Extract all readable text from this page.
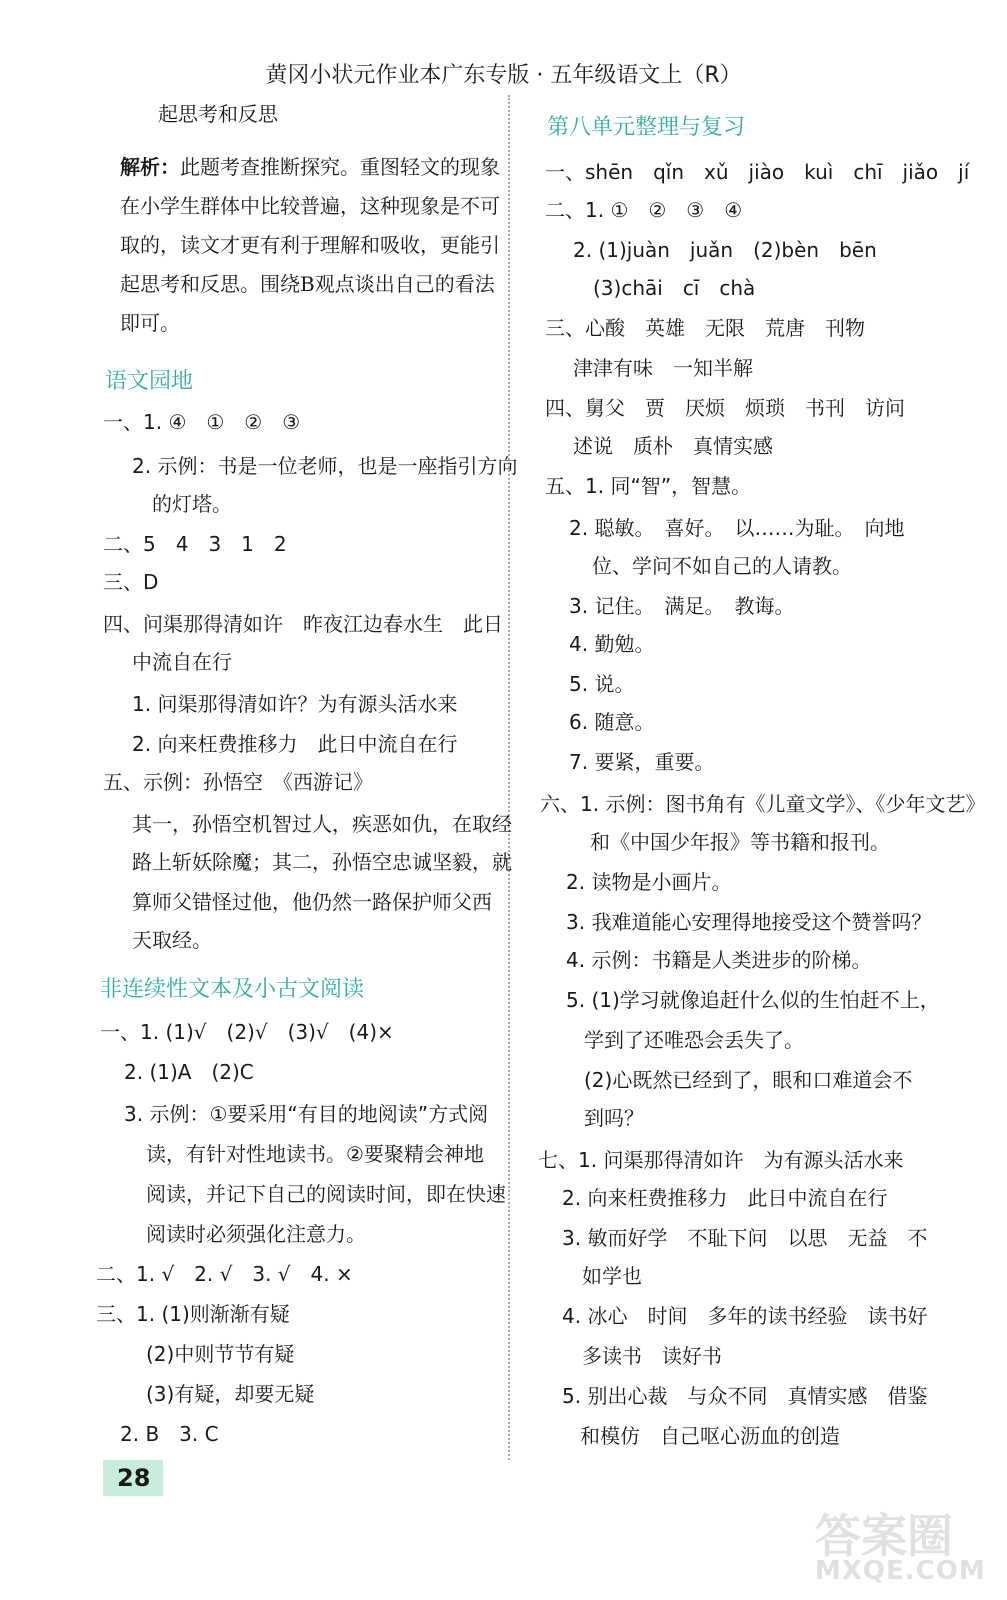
黄冈小状元作业本广东专版 · 五年级语文上（R）
起思考和反思
解析：此题考查推断探究。重图轻文的现象在小学生群体中比较普遍，这种现象是不可取的，读文才更有利于理解和吸收，更能引起思考和反思。围绕B观点谈出自己的看法即可。
语文园地
一、1. ④　①　②　③
2. 示例：书是一位老师，也是一座指引方向
的灯塔。
二、5　4　3　1　2
三、D
四、问渠那得清如许　昨夜江边春水生　此日
中流自在行
1. 问渠那得清如许？为有源头活水来
2. 向来枉费推移力　此日中流自在行
五、示例：孙悟空　《西游记》
其一，孙悟空机智过人，疾恶如仇，在取经
路上斩妖除魔；其二，孙悟空忠诚坚毅，就
算师父错怪过他，他仍然一路保护师父西
天取经。
非连续性文本及小古文阅读
一、1. (1)√　(2)√　(3)√　(4)×
2. (1)A　(2)C
3. 示例：①要采用“有目的地阅读”方式阅
读，有针对性地读书。②要聚精会神地
阅读，并记下自己的阅读时间，即在快速
阅读时必须强化注意力。
二、1. √　2. √　3. √　4. ×
三、1. (1)则渐渐有疑
(2)中则节节有疑
(3)有疑，却要无疑
2. B　3. C
第八单元整理与复习
一、shēn　qǐn　xǔ　jiào　kuì　chī　jiǎo　jí
二、1. ①　②　③　④
2. (1)juàn　juǎn　(2)bèn　bēn
(3)chāi　cī　chà
三、心酸　英雄　无限　荒唐　刊物
津津有味　一知半解
四、舅父　贾　厌烦　烦琐　书刊　访问
述说　质朴　真情实感
五、1. 同“智”，智慧。
2. 聪敏。　喜好。　以……为耻。　向地
位、学问不如自己的人请教。
3. 记住。　满足。　教诲。
4. 勤勉。
5. 说。
6. 随意。
7. 要紧，重要。
六、1. 示例：图书角有《儿童文学》、《少年文艺》
和《中国少年报》等书籍和报刊。
2. 读物是小画片。
3. 我难道能心安理得地接受这个赞誉吗？
4. 示例：书籍是人类进步的阶梯。
5. (1)学习就像追赶什么似的生怕赶不上，
学到了还唯恐会丢失了。
(2)心既然已经到了，眼和口难道会不
到吗？
七、1. 问渠那得清如许　为有源头活水来
2. 向来枉费推移力　此日中流自在行
3. 敏而好学　不耻下问　以思　无益　不
如学也
4. 冰心　时间　多年的读书经验　读书好
多读书　读好书
5. 别出心裁　与众不同　真情实感　借鉴
和模仿　自己呕心沥血的创造
28
答案圈
MXQE.COM
